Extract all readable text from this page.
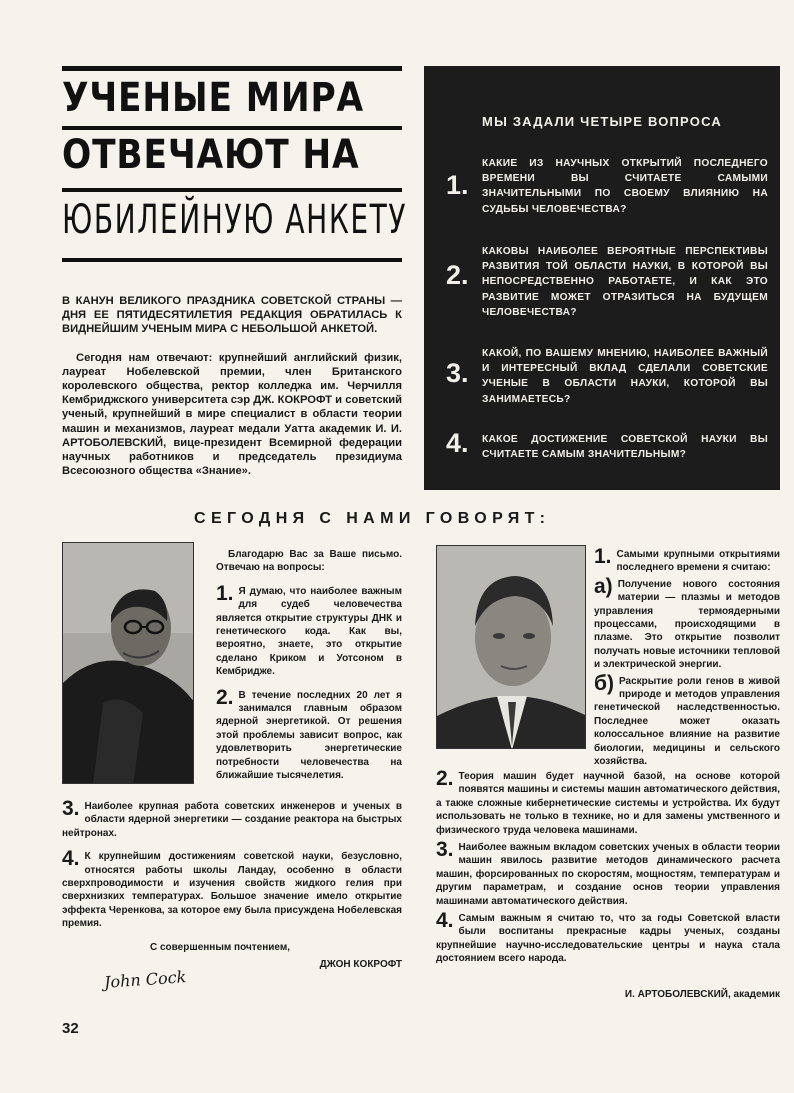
УЧЕНЫЕ МИРА
ОТВЕЧАЮТ НА
ЮБИЛЕЙНУЮ АНКЕТУ

В КАНУН ВЕЛИКОГО ПРАЗДНИКА СОВЕТСКОЙ СТРАНЫ — ДНЯ ЕЕ ПЯТИДЕСЯТИЛЕТИЯ РЕДАКЦИЯ ОБРАТИЛАСЬ К ВИДНЕЙШИМ УЧЕНЫМ МИРА С НЕБОЛЬШОЙ АНКЕТОЙ.

Сегодня нам отвечают: крупнейший английский физик, лауреат Нобелевской премии, член Британского королевского общества, ректор колледжа им. Черчилля Кембриджского университета сэр ДЖ. КОКРОФТ и советский ученый, крупнейший в мире специалист в области теории машин и механизмов, лауреат медали Уатта академик И. И. АРТОБОЛЕВСКИЙ, вице-президент Всемирной федерации научных работников и председатель президиума Всесоюзного общества «Знание».

МЫ ЗАДАЛИ ЧЕТЫРЕ ВОПРОСА
1.
КАКИЕ ИЗ НАУЧНЫХ ОТКРЫТИЙ ПОСЛЕДНЕГО ВРЕМЕНИ ВЫ СЧИТАЕТЕ САМЫМИ ЗНАЧИТЕЛЬНЫМИ ПО СВОЕМУ ВЛИЯНИЮ НА СУДЬБЫ ЧЕЛОВЕЧЕСТВА?
2.
КАКОВЫ НАИБОЛЕЕ ВЕРОЯТНЫЕ ПЕРСПЕКТИВЫ РАЗВИТИЯ ТОЙ ОБЛАСТИ НАУКИ, В КОТОРОЙ ВЫ НЕПОСРЕДСТВЕННО РАБОТАЕТЕ, И КАК ЭТО РАЗВИТИЕ МОЖЕТ ОТРАЗИТЬСЯ НА БУДУЩЕМ ЧЕЛОВЕЧЕСТВА?
3.
КАКОЙ, ПО ВАШЕМУ МНЕНИЮ, НАИБОЛЕЕ ВАЖНЫЙ И ИНТЕРЕСНЫЙ ВКЛАД СДЕЛАЛИ СОВЕТСКИЕ УЧЕНЫЕ В ОБЛАСТИ НАУКИ, КОТОРОЙ ВЫ ЗАНИМАЕТЕСЬ?
4. КАКОЕ ДОСТИЖЕНИЕ СОВЕТСКОЙ НАУКИ ВЫ СЧИТАЕТЕ САМЫМ ЗНАЧИТЕЛЬНЫМ?
СЕГОДНЯ С НАМИ ГОВОРЯТ:

Благодарю Вас за Ваше письмо. Отвечаю на вопросы:

1. Я думаю, что наиболее важным для судеб человечества является открытие структуры ДНК и генетического кода. Как вы, вероятно, знаете, это открытие сделано Криком и Уотсоном в Кембридже.
2. В течение последних 20 лет я занимался главным образом ядерной энергетикой. От решения этой проблемы зависит вопрос, как удовлетворить энергетические потребности человечества на ближайшие тысячелетия.
3. Наиболее крупная работа советских инженеров и ученых в области ядерной энергетики — создание реактора на быстрых нейтронах.
4. К крупнейшим достижениям советской науки, безусловно, относятся работы школы Ландау, особенно в области сверхпроводимости и изучения свойств жидкого гелия при сверхнизких температурах. Большое значение имело открытие эффекта Черенкова, за которое ему была присуждена Нобелевская премия.

С совершенным почтением,

ДЖОН КОКРОФТ

John Cock
1. Самыми крупными открытиями последнего времени я считаю:
а) Получение нового состояния материи — плазмы и методов управления термоядерными процессами, происходящими в плазме. Это открытие позволит получать новые источники тепловой и электрической энергии.
б) Раскрытие роли генов в живой природе и методов управления генетической наследственностью. Последнее может оказать колоссальное влияние на развитие биологии, медицины и сельского хозяйства.
2. Теория машин будет научной базой, на основе которой появятся машины и системы машин автоматического действия, а также сложные кибернетические системы и устройства. Их будут использовать не только в технике, но и для замены умственного и физического труда человека машинами.
3. Наиболее важным вкладом советских ученых в области теории машин явилось развитие методов динамического расчета машин, форсированных по скоростям, мощностям, температурам и другим параметрам, и создание основ теории управления машинами автоматического действия.
4. Самым важным я считаю то, что за годы Советской власти были воспитаны прекрасные кадры ученых, созданы крупнейшие научно-исследовательские центры и наука стала достоянием всего народа.

И. АРТОБОЛЕВСКИЙ, академик

32
